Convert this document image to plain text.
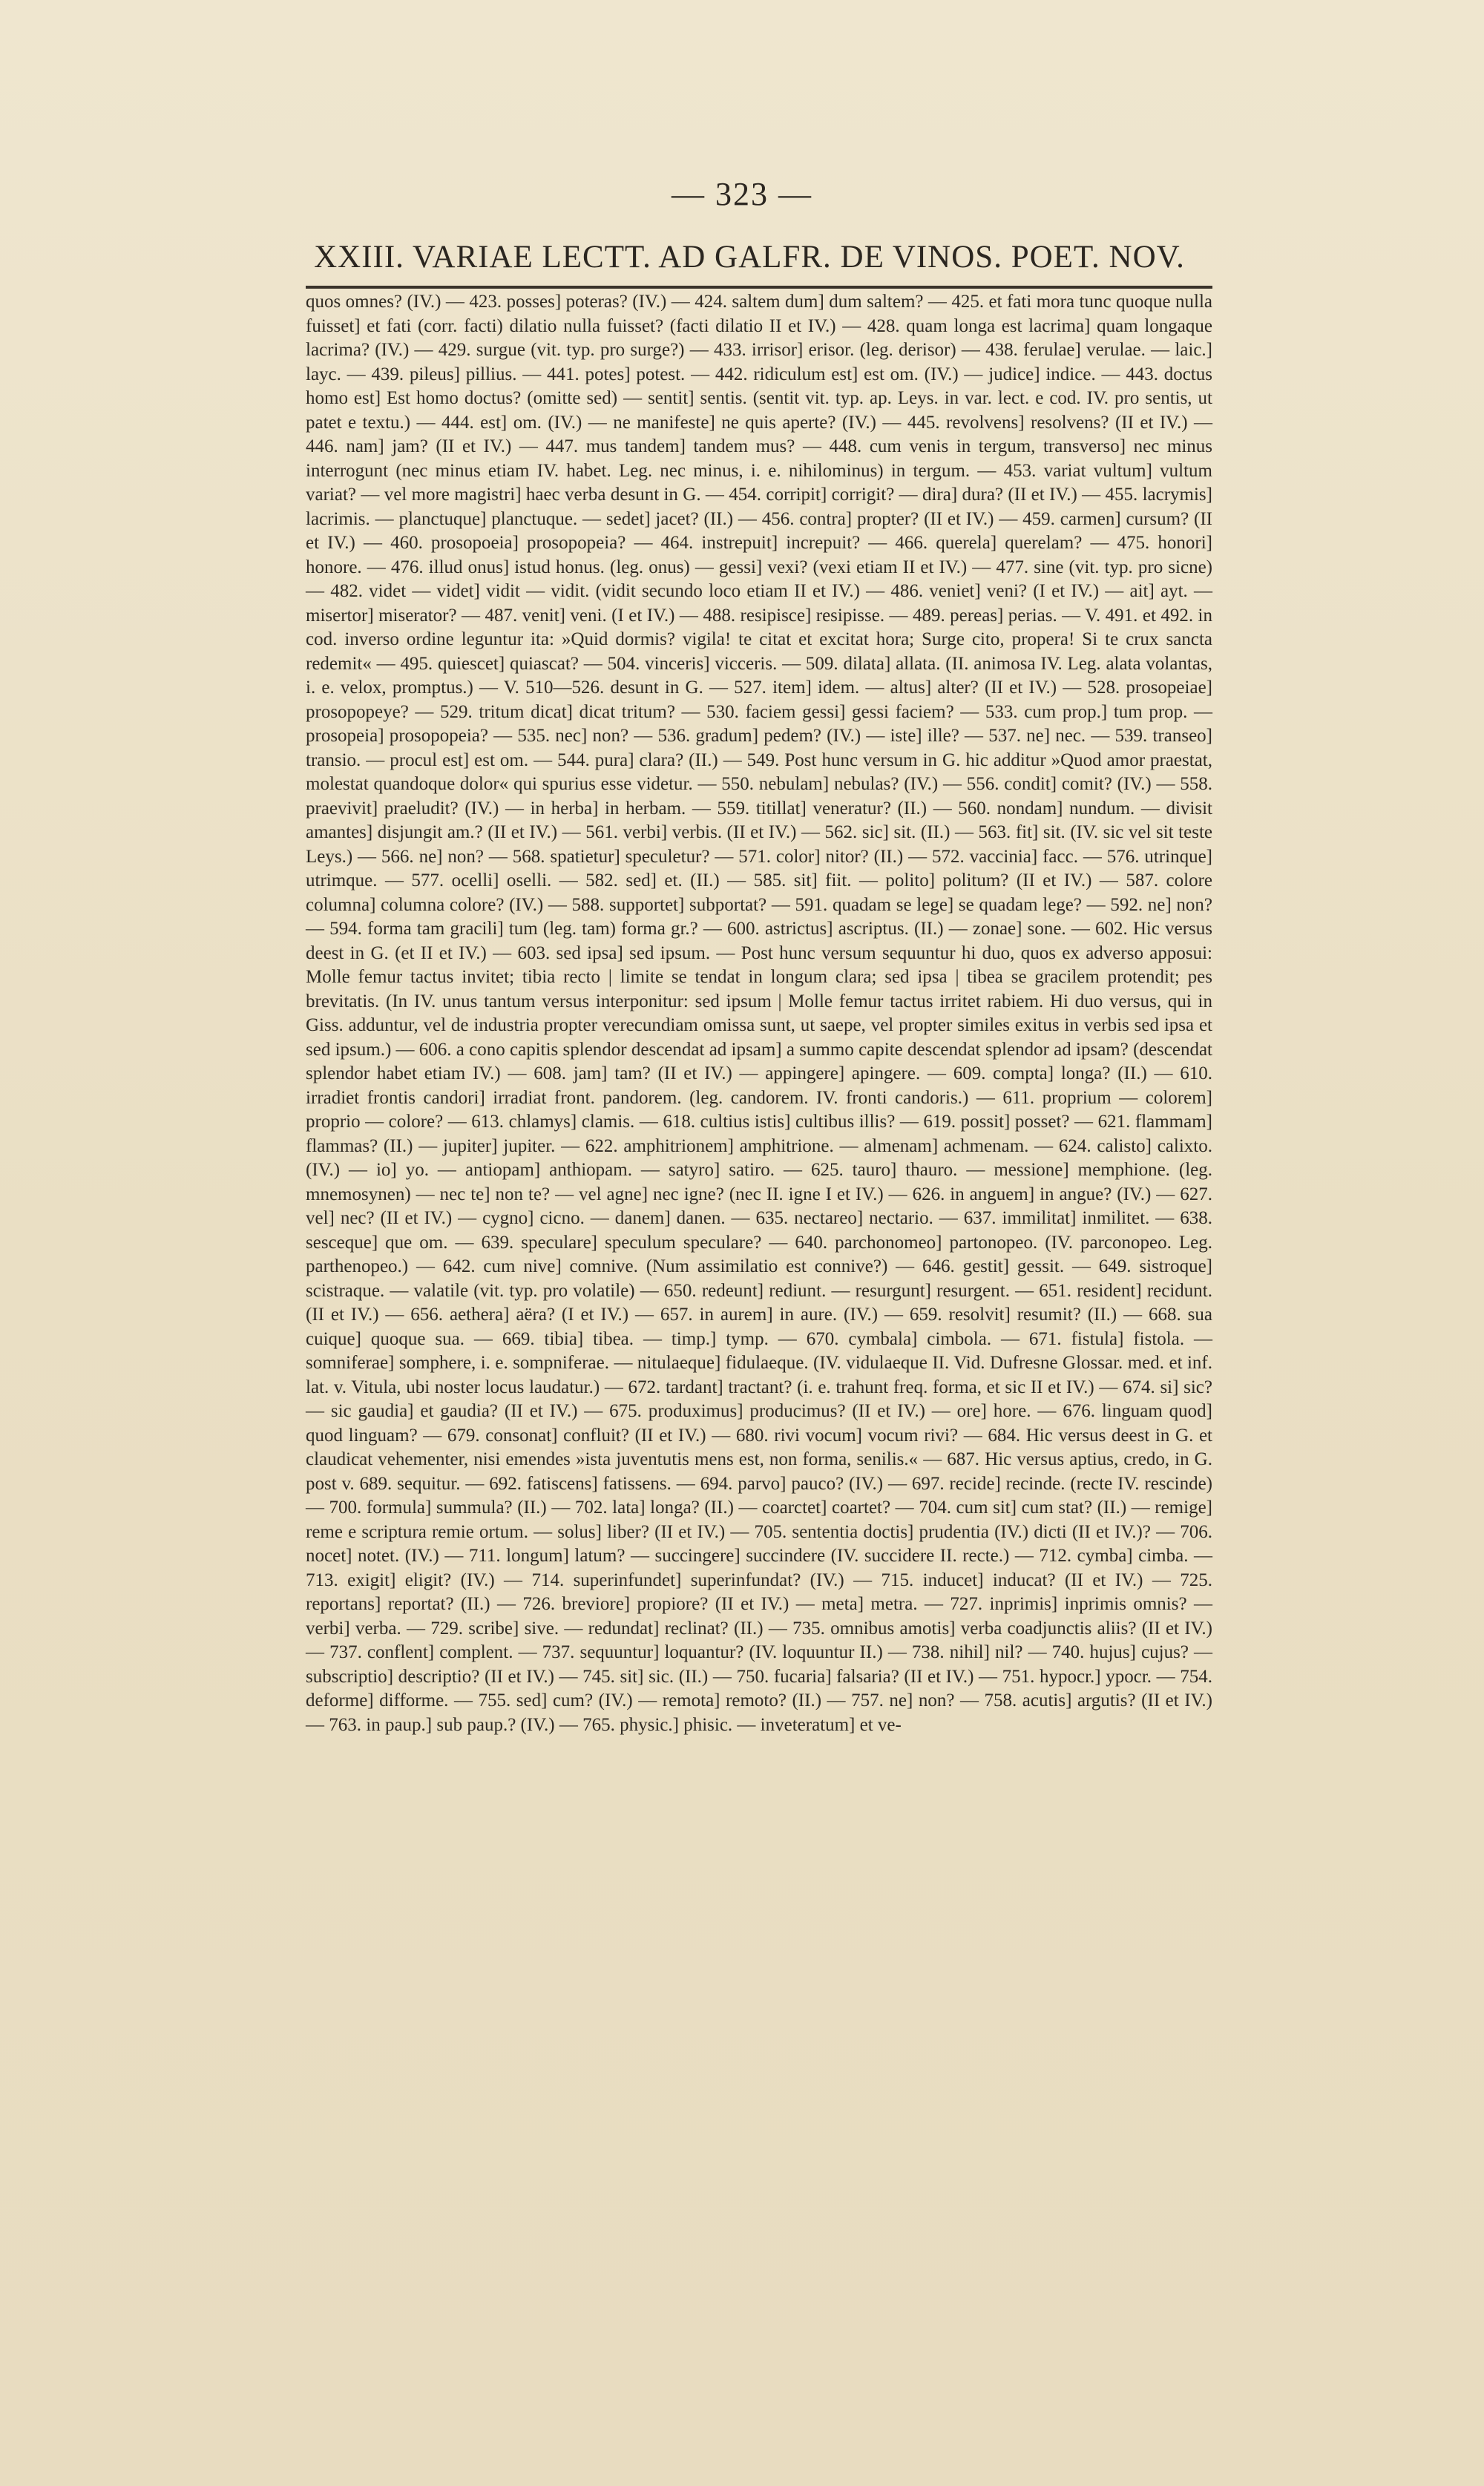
— 323 —
XXIII. VARIAE LECTT. AD GALFR. DE VINOS. POET. NOV.
quos omnes? (IV.) — 423. posses] poteras? (IV.) — 424. saltem dum] dum saltem? — 425. et fati mora tunc quoque nulla fuisset] et fati (corr. facti) dilatio nulla fuisset? (facti dilatio II et IV.) — 428. quam longa est lacrima] quam longaque lacrima? (IV.) — 429. surgue (vit. typ. pro surge?) — 433. irrisor] erisor. (leg. derisor) — 438. ferulae] verulae. — laic.] layc. — 439. pileus] pillius. — 441. potes] potest. — 442. ridiculum est] est om. (IV.) — judice] indice. — 443. doctus homo est] Est homo doctus? (omitte sed) — sentit] sentis. (sentit vit. typ. ap. Leys. in var. lect. e cod. IV. pro sentis, ut patet e textu.) — 444. est] om. (IV.) — ne manifeste] ne quis aperte? (IV.) — 445. revolvens] resolvens? (II et IV.) — 446. nam] jam? (II et IV.) — 447. mus tandem] tandem mus? — 448. cum venis in tergum, transverso] nec minus interrogunt (nec minus etiam IV. habet. Leg. nec minus, i. e. nihilominus) in tergum. — 453. variat vultum] vultum variat? — vel more magistri] haec verba desunt in G. — 454. corripit] corrigit? — dira] dura? (II et IV.) — 455. lacrymis] lacrimis. — planctuque] planctuque. — sedet] jacet? (II.) — 456. contra] propter? (II et IV.) — 459. carmen] cursum? (II et IV.) — 460. prosopoeia] prosopopeia? — 464. instrepuit] increpuit? — 466. querela] querelam? — 475. honori] honore. — 476. illud onus] istud honus. (leg. onus) — gessi] vexi? (vexi etiam II et IV.) — 477. sine (vit. typ. pro sicne) — 482. videt — videt] vidit — vidit. (vidit secundo loco etiam II et IV.) — 486. veniet] veni? (I et IV.) — ait] ayt. — misertor] miserator? — 487. venit] veni. (I et IV.) — 488. resipisce] resipisse. — 489. pereas] perias. — V. 491. et 492. in cod. inverso ordine leguntur ita: »Quid dormis? vigila! te citat et excitat hora; Surge cito, propera! Si te crux sancta redemit« — 495. quiescet] quiascat? — 504. vinceris] vicceris. — 509. dilata] allata. (II. animosa IV. Leg. alata volantas, i. e. velox, promptus.) — V. 510—526. desunt in G. — 527. item] idem. — altus] alter? (II et IV.) — 528. prosopeiae] prosopopeye? — 529. tritum dicat] dicat tritum? — 530. faciem gessi] gessi faciem? — 533. cum prop.] tum prop. — prosopeia] prosopopeia? — 535. nec] non? — 536. gradum] pedem? (IV.) — iste] ille? — 537. ne] nec. — 539. transeo] transio. — procul est] est om. — 544. pura] clara? (II.) — 549. Post hunc versum in G. hic additur »Quod amor praestat, molestat quandoque dolor« qui spurius esse videtur. — 550. nebulam] nebulas? (IV.) — 556. condit] comit? (IV.) — 558. praevivit] praeludit? (IV.) — in herba] in herbam. — 559. titillat] veneratur? (II.) — 560. nondam] nundum. — divisit amantes] disjungit am.? (II et IV.) — 561. verbi] verbis. (II et IV.) — 562. sic] sit. (II.) — 563. fit] sit. (IV. sic vel sit teste Leys.) — 566. ne] non? — 568. spatietur] speculetur? — 571. color] nitor? (II.) — 572. vaccinia] facc. — 576. utrinque] utrimque. — 577. ocelli] oselli. — 582. sed] et. (II.) — 585. sit] fiit. — polito] politum? (II et IV.) — 587. colore columna] columna colore? (IV.) — 588. supportet] subportat? — 591. quadam se lege] se quadam lege? — 592. ne] non? — 594. forma tam gracili] tum (leg. tam) forma gr.? — 600. astrictus] ascriptus. (II.) — zonae] sone. — 602. Hic versus deest in G. (et II et IV.) — 603. sed ipsa] sed ipsum. — Post hunc versum sequuntur hi duo, quos ex adverso apposui: Molle femur tactus invitet; tibia recto | limite se tendat in longum clara; sed ipsa | tibea se gracilem protendit; pes brevitatis. (In IV. unus tantum versus interponitur: sed ipsum | Molle femur tactus irritet rabiem. Hi duo versus, qui in Giss. adduntur, vel de industria propter verecundiam omissa sunt, ut saepe, vel propter similes exitus in verbis sed ipsa et sed ipsum.) — 606. a cono capitis splendor descendat ad ipsam] a summo capite descendat splendor ad ipsam? (descendat splendor habet etiam IV.) — 608. jam] tam? (II et IV.) — appingere] apingere. — 609. compta] longa? (II.) — 610. irradiet frontis candori] irradiat front. pandorem. (leg. candorem. IV. fronti candoris.) — 611. proprium — colorem] proprio — colore? — 613. chlamys] clamis. — 618. cultius istis] cultibus illis? — 619. possit] posset? — 621. flammam] flammas? (II.) — jupiter] jupiter. — 622. amphitrionem] amphitrione. — almenam] achmenam. — 624. calisto] calixto. (IV.) — io] yo. — antiopam] anthiopam. — satyro] satiro. — 625. tauro] thauro. — messione] memphione. (leg. mnemosynen) — nec te] non te? — vel agne] nec igne? (nec II. igne I et IV.) — 626. in anguem] in angue? (IV.) — 627. vel] nec? (II et IV.) — cygno] cicno. — danem] danen. — 635. nectareo] nectario. — 637. immilitat] inmilitet. — 638. sesceque] que om. — 639. speculare] speculum speculare? — 640. parchonomeo] partonopeo. (IV. parconopeo. Leg. parthenopeo.) — 642. cum nive] comnive. (Num assimilatio est connive?) — 646. gestit] gessit. — 649. sistroque] scistraque. — valatile (vit. typ. pro volatile) — 650. redeunt] rediunt. — resurgunt] resurgent. — 651. resident] recidunt. (II et IV.) — 656. aethera] aëra? (I et IV.) — 657. in aurem] in aure. (IV.) — 659. resolvit] resumit? (II.) — 668. sua cuique] quoque sua. — 669. tibia] tibea. — timp.] tymp. — 670. cymbala] cimbola. — 671. fistula] fistola. — somniferae] somphere, i. e. sompniferae. — nitulaeque] fidulaeque. (IV. vidulaeque II. Vid. Dufresne Glossar. med. et inf. lat. v. Vitula, ubi noster locus laudatur.) — 672. tardant] tractant? (i. e. trahunt freq. forma, et sic II et IV.) — 674. si] sic? — sic gaudia] et gaudia? (II et IV.) — 675. produximus] producimus? (II et IV.) — ore] hore. — 676. linguam quod] quod linguam? — 679. consonat] confluit? (II et IV.) — 680. rivi vocum] vocum rivi? — 684. Hic versus deest in G. et claudicat vehementer, nisi emendes »ista juventutis mens est, non forma, senilis.« — 687. Hic versus aptius, credo, in G. post v. 689. sequitur. — 692. fatiscens] fatissens. — 694. parvo] pauco? (IV.) — 697. recide] recinde. (recte IV. rescinde) — 700. formula] summula? (II.) — 702. lata] longa? (II.) — coarctet] coartet? — 704. cum sit] cum stat? (II.) — remige] reme e scriptura remie ortum. — solus] liber? (II et IV.) — 705. sententia doctis] prudentia (IV.) dicti (II et IV.)? — 706. nocet] notet. (IV.) — 711. longum] latum? — succingere] succindere (IV. succidere II. recte.) — 712. cymba] cimba. — 713. exigit] eligit? (IV.) — 714. superinfundet] superinfundat? (IV.) — 715. inducet] inducat? (II et IV.) — 725. reportans] reportat? (II.) — 726. breviore] propiore? (II et IV.) — meta] metra. — 727. inprimis] inprimis omnis? — verbi] verba. — 729. scribe] sive. — redundat] reclinat? (II.) — 735. omnibus amotis] verba coadjunctis aliis? (II et IV.) — 737. conflent] complent. — 737. sequuntur] loquantur? (IV. loquuntur II.) — 738. nihil] nil? — 740. hujus] cujus? — subscriptio] descriptio? (II et IV.) — 745. sit] sic. (II.) — 750. fucaria] falsaria? (II et IV.) — 751. hypocr.] ypocr. — 754. deforme] difforme. — 755. sed] cum? (IV.) — remota] remoto? (II.) — 757. ne] non? — 758. acutis] argutis? (II et IV.) — 763. in paup.] sub paup.? (IV.) — 765. physic.] phisic. — inveteratum] et ve-
